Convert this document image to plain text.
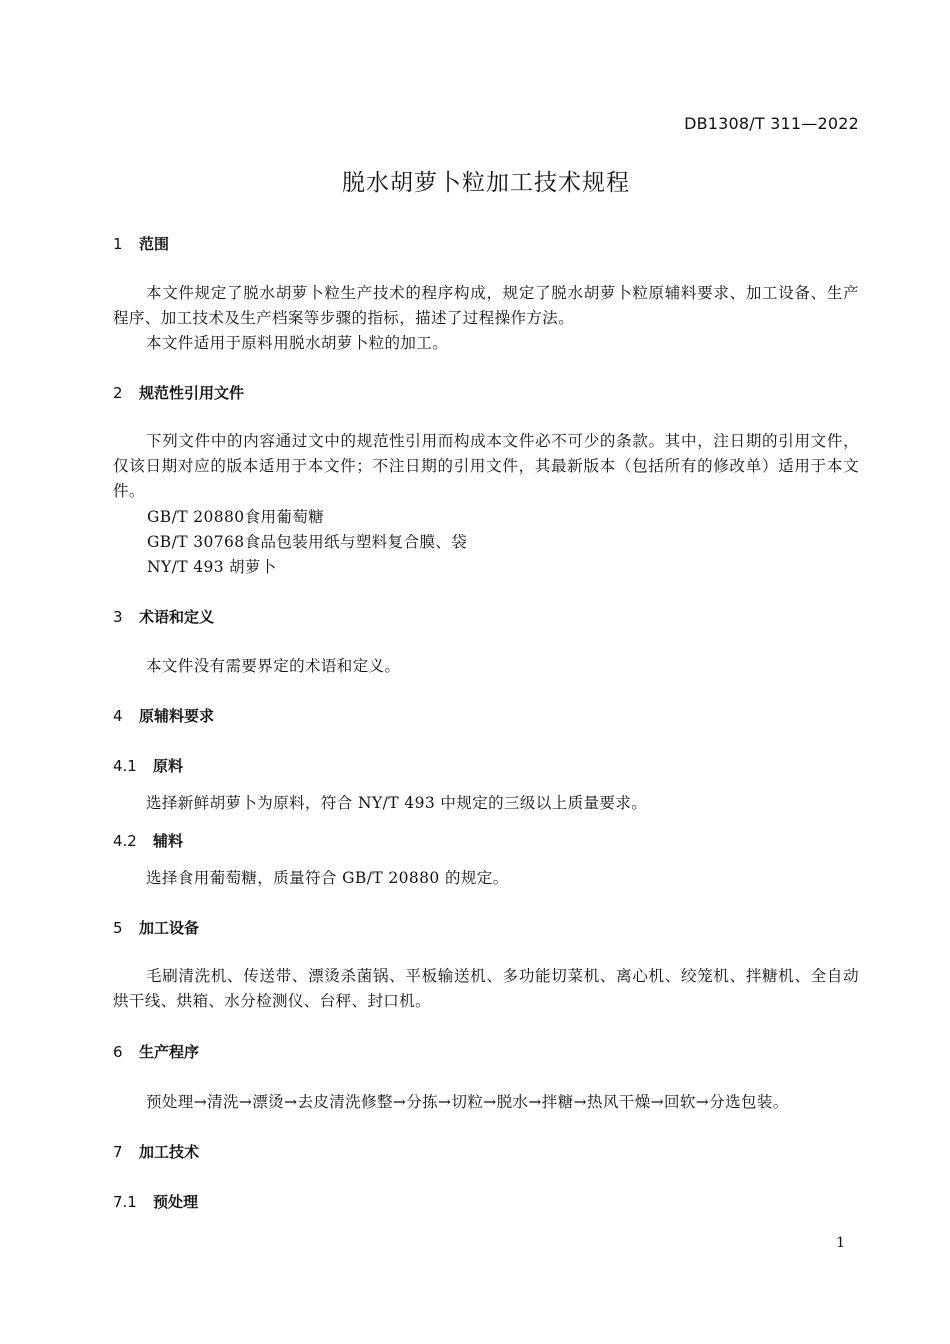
DB1308/T 311—2022
脱水胡萝卜粒加工技术规程
1 范围
本文件规定了脱水胡萝卜粒生产技术的程序构成，规定了脱水胡萝卜粒原辅料要求、加工设备、生产程序、加工技术及生产档案等步骤的指标，描述了过程操作方法。
本文件适用于原料用脱水胡萝卜粒的加工。
2 规范性引用文件
下列文件中的内容通过文中的规范性引用而构成本文件必不可少的条款。其中，注日期的引用文件，仅该日期对应的版本适用于本文件；不注日期的引用文件，其最新版本（包括所有的修改单）适用于本文件。
GB/T 20880食用葡萄糖
GB/T 30768食品包装用纸与塑料复合膜、袋
NY/T 493 胡萝卜
3 术语和定义
本文件没有需要界定的术语和定义。
4 原辅料要求
4.1 原料
选择新鲜胡萝卜为原料，符合 NY/T 493 中规定的三级以上质量要求。
4.2 辅料
选择食用葡萄糖，质量符合 GB/T 20880 的规定。
5 加工设备
毛刷清洗机、传送带、漂烫杀菌锅、平板输送机、多功能切菜机、离心机、绞笼机、拌糖机、全自动烘干线、烘箱、水分检测仪、台秤、封口机。
6 生产程序
预处理→清洗→漂烫→去皮清洗修整→分拣→切粒→脱水→拌糖→热风干燥→回软→分选包装。
7 加工技术
7.1 预处理
1
